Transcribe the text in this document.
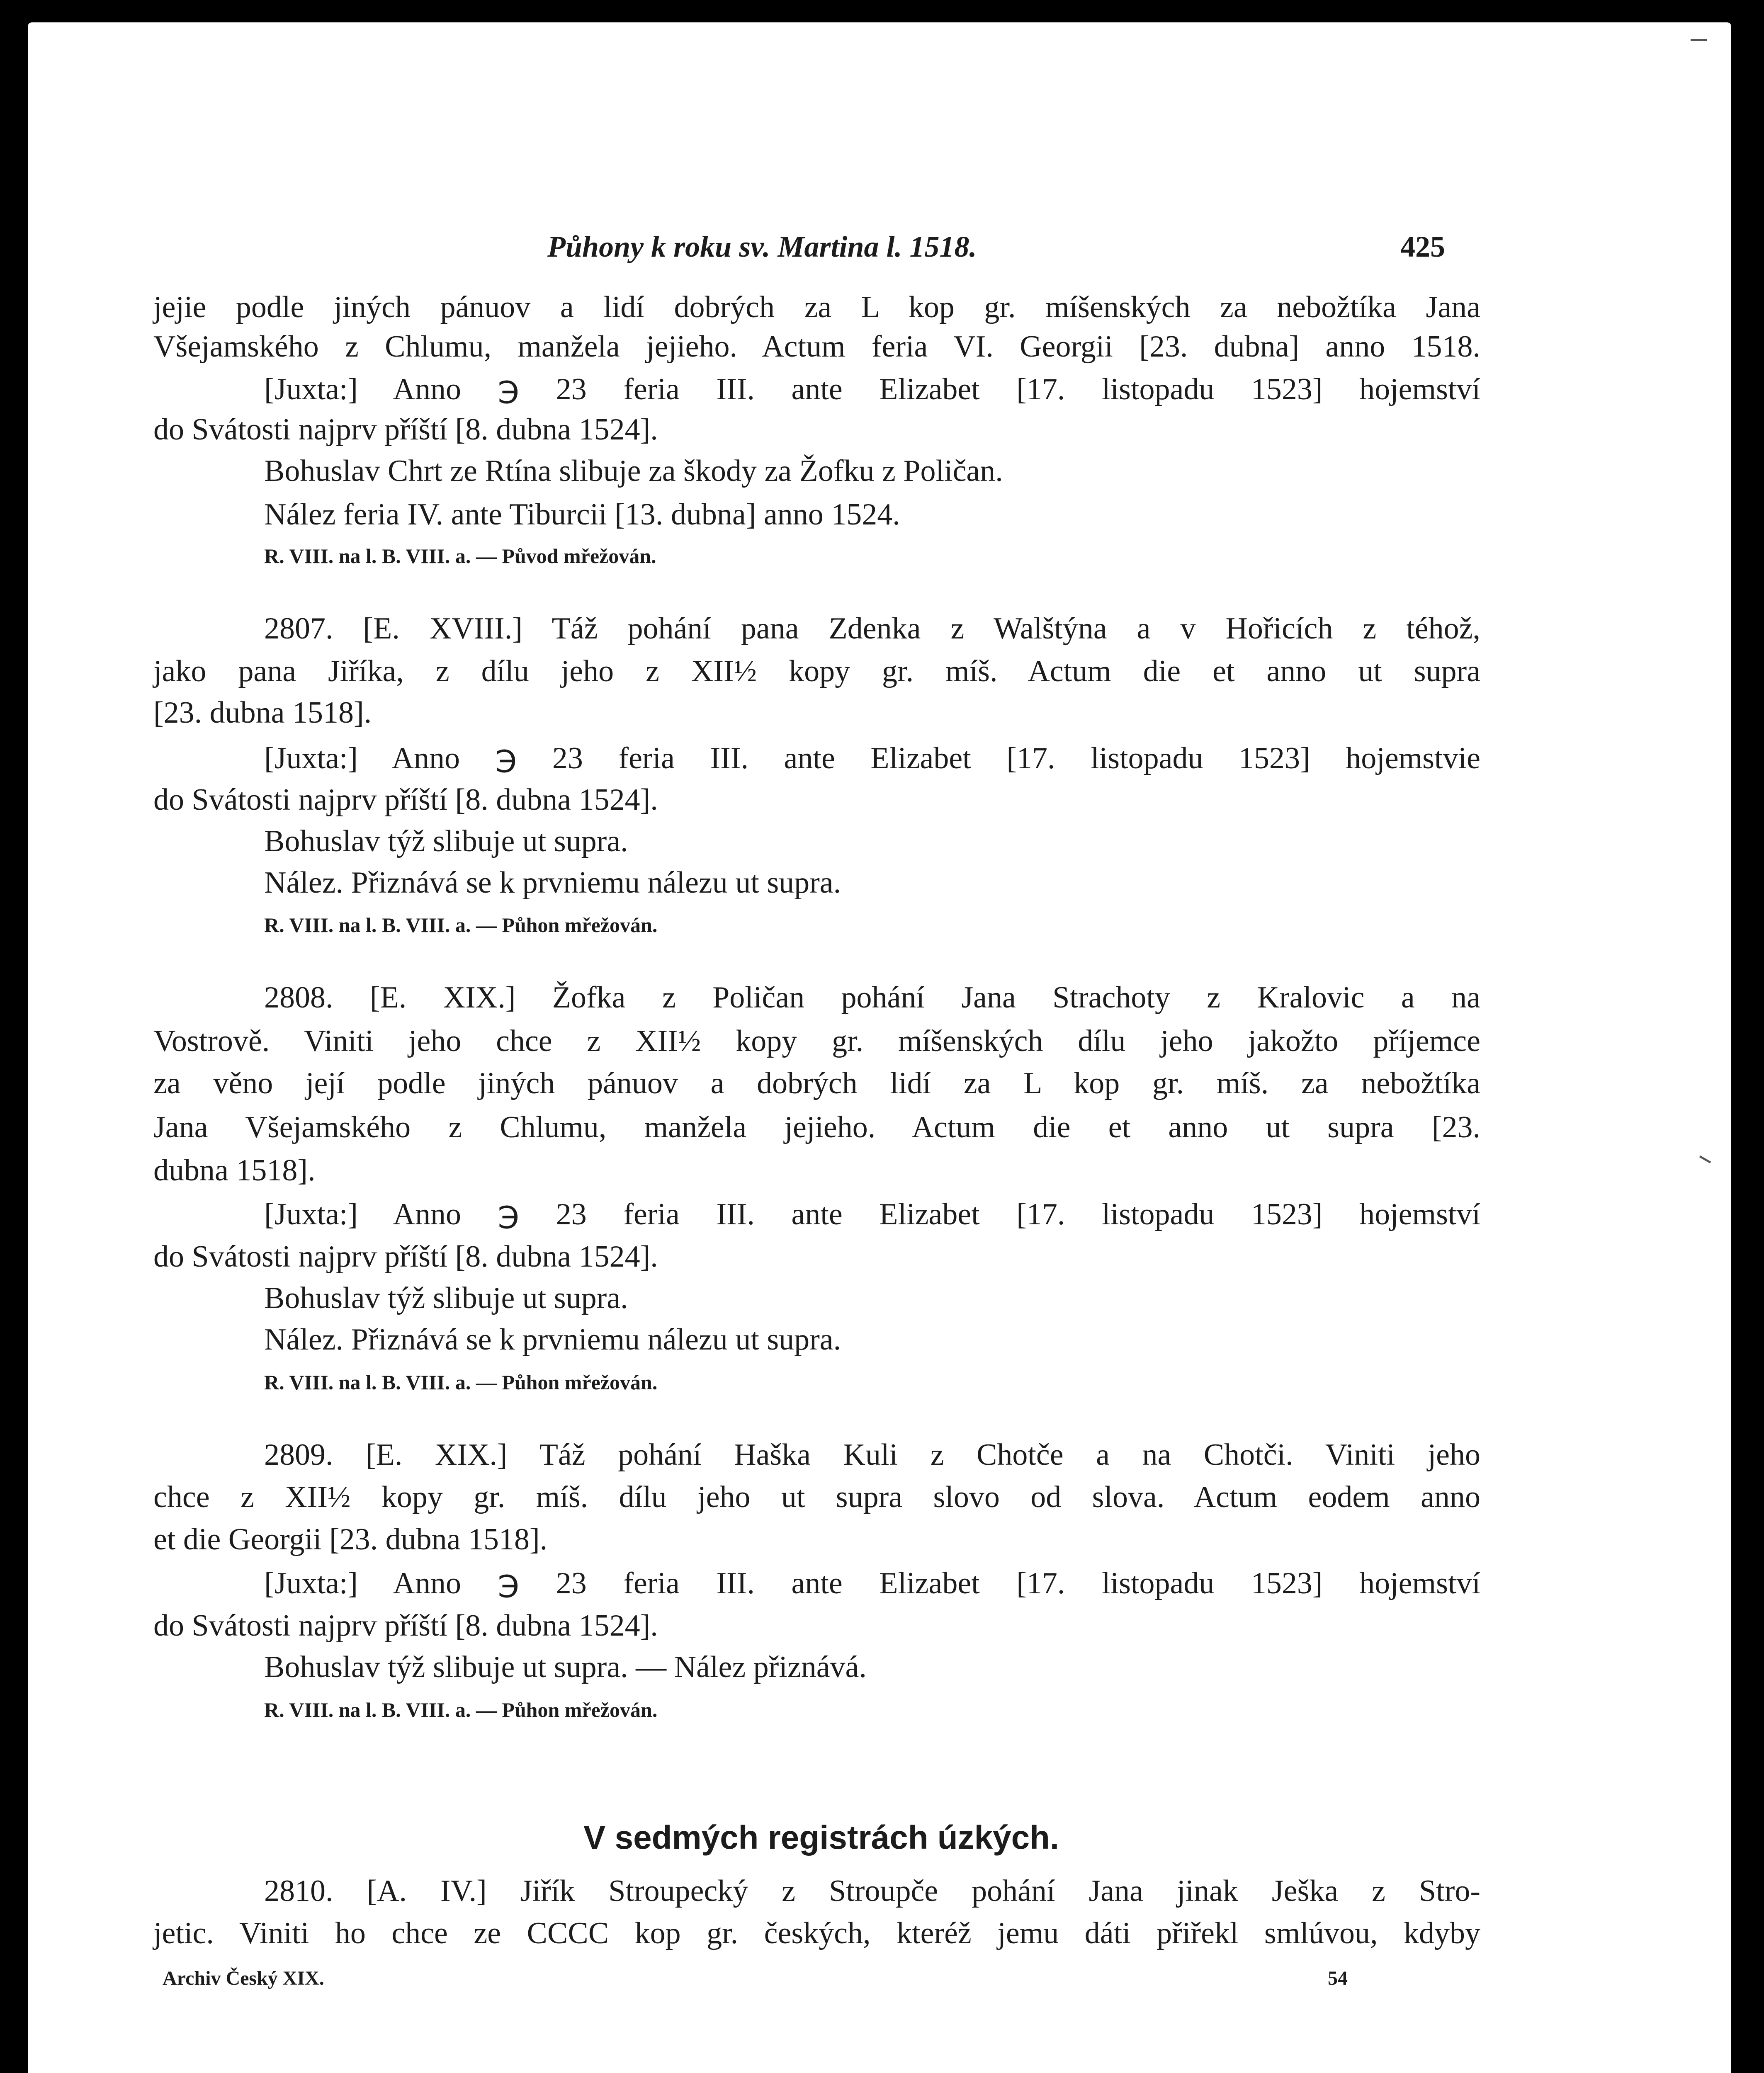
Půhony k roku sv. Martina l. 1518.	425
jejie podle jiných pánuov a lidí dobrých za L kop gr. míšenských za nebožtíka Jana
Všejamského z Chlumu, manžela jejieho. Actum feria VI. Georgii [23. dubna] anno 1518.
[Juxta:] Anno ℈ 23 feria III. ante Elizabet [17. listopadu 1523] hojemství
do Svátosti najprv příští [8. dubna 1524].
Bohuslav Chrt ze Rtína slibuje za škody za Žofku z Poličan.
Nález feria IV. ante Tiburcii [13. dubna] anno 1524.
R. VIII. na l. B. VIII. a. — Původ mřežován.
2807. [E. XVIII.] Táž pohání pana Zdenka z Walštýna a v Hořicích z téhož,
jako pana Jiříka, z dílu jeho z XII½ kopy gr. míš. Actum die et anno ut supra
[23. dubna 1518].
[Juxta:] Anno ℈ 23 feria III. ante Elizabet [17. listopadu 1523] hojemstvie
do Svátosti najprv příští [8. dubna 1524].
Bohuslav týž slibuje ut supra.
Nález. Přiznává se k prvniemu nálezu ut supra.
R. VIII. na l. B. VIII. a. — Půhon mřežován.
2808. [E. XIX.] Žofka z Poličan pohání Jana Strachoty z Kralovic a na
Vostrově. Viniti jeho chce z XII½ kopy gr. míšenských dílu jeho jakožto příjemce
za věno její podle jiných pánuov a dobrých lidí za L kop gr. míš. za nebožtíka
Jana Všejamského z Chlumu, manžela jejieho. Actum die et anno ut supra [23.
dubna 1518].
[Juxta:] Anno ℈ 23 feria III. ante Elizabet [17. listopadu 1523] hojemství
do Svátosti najprv příští [8. dubna 1524].
Bohuslav týž slibuje ut supra.
Nález. Přiznává se k prvniemu nálezu ut supra.
R. VIII. na l. B. VIII. a. — Půhon mřežován.
2809. [E. XIX.] Táž pohání Haška Kuli z Chotče a na Chotči. Viniti jeho
chce z XII½ kopy gr. míš. dílu jeho ut supra slovo od slova. Actum eodem anno
et die Georgii [23. dubna 1518].
[Juxta:] Anno ℈ 23 feria III. ante Elizabet [17. listopadu 1523] hojemství
do Svátosti najprv příští [8. dubna 1524].
Bohuslav týž slibuje ut supra. — Nález přiznává.
R. VIII. na l. B. VIII. a. — Půhon mřežován.
V sedmých registrách úzkých.
2810. [A. IV.] Jiřík Stroupecký z Stroupče pohání Jana jinak Ješka z Stro-
jetic. Viniti ho chce ze CCCC kop gr. českých, kteréž jemu dáti přiřekl smlúvou, kdyby
Archiv Český XIX.	54
